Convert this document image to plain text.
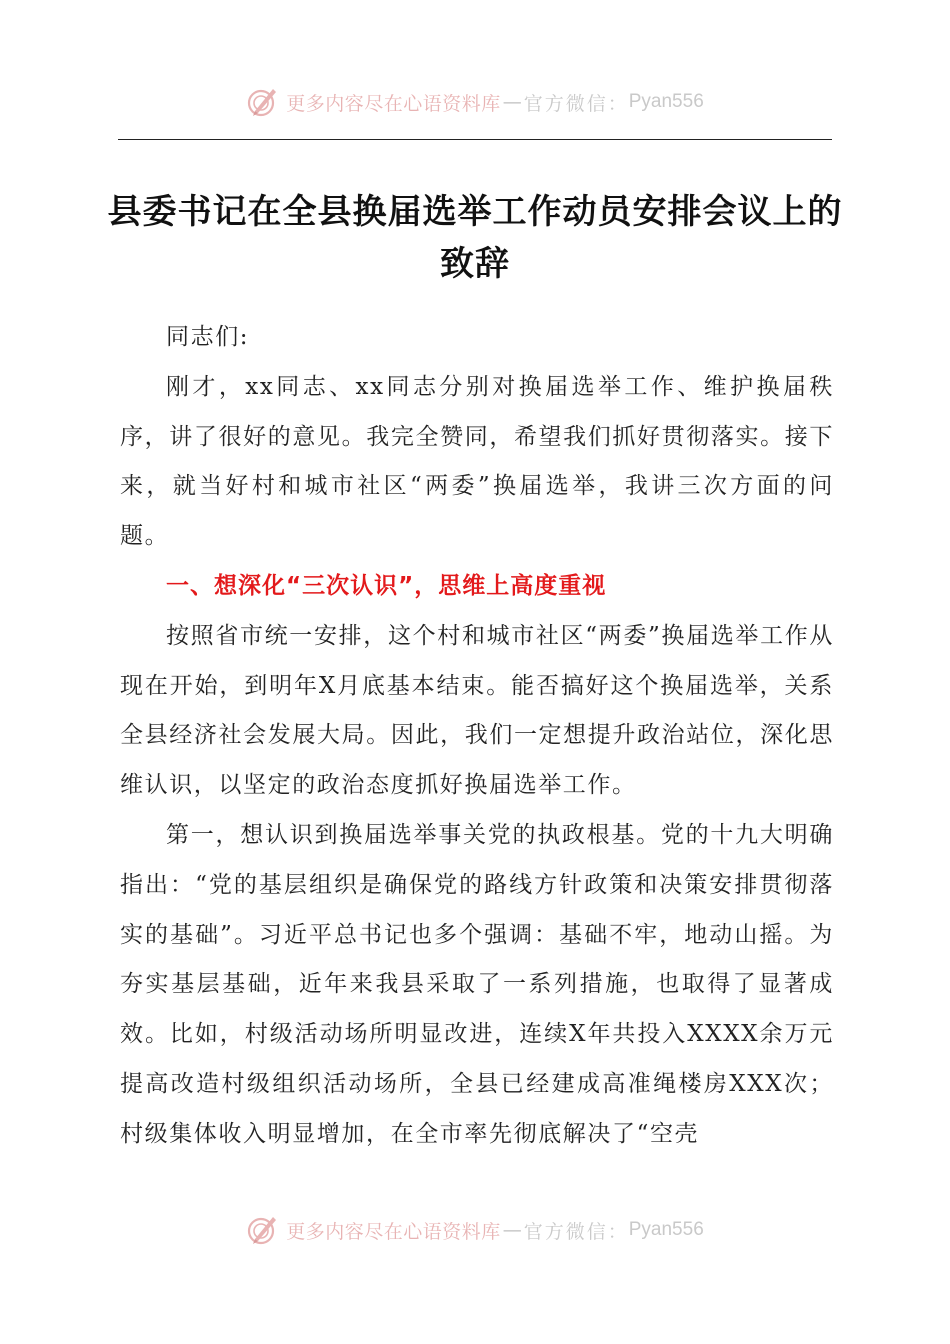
更多内容尽在心语资料库 — 官方微信： Pyan556
县委书记在全县换届选举工作动员安排会议上的致辞

同志们:

刚才，xx同志、xx同志分别对换届选举工作、维护换届秩序，讲了很好的意见。我完全赞同，希望我们抓好贯彻落实。接下来，就当好村和城市社区“两委”换届选举，我讲三次方面的问题。

一、想深化“三次认识”，思维上高度重视

按照省市统一安排，这个村和城市社区“两委”换届选举工作从现在开始，到明年X月底基本结束。能否搞好这个换届选举，关系全县经济社会发展大局。因此，我们一定想提升政治站位，深化思维认识，以坚定的政治态度抓好换届选举工作。

第一，想认识到换届选举事关党的执政根基。党的十九大明确指出：“党的基层组织是确保党的路线方针政策和决策安排贯彻落实的基础”。习近平总书记也多个强调：基础不牢，地动山摇。为夯实基层基础，近年来我县采取了一系列措施，也取得了显著成效。比如，村级活动场所明显改进，连续X年共投入XXXX余万元提高改造村级组织活动场所，全县已经建成高准绳楼房XXX次；村级集体收入明显增加，在全市率先彻底解决了“空壳

更多内容尽在心语资料库 — 官方微信： Pyan556
